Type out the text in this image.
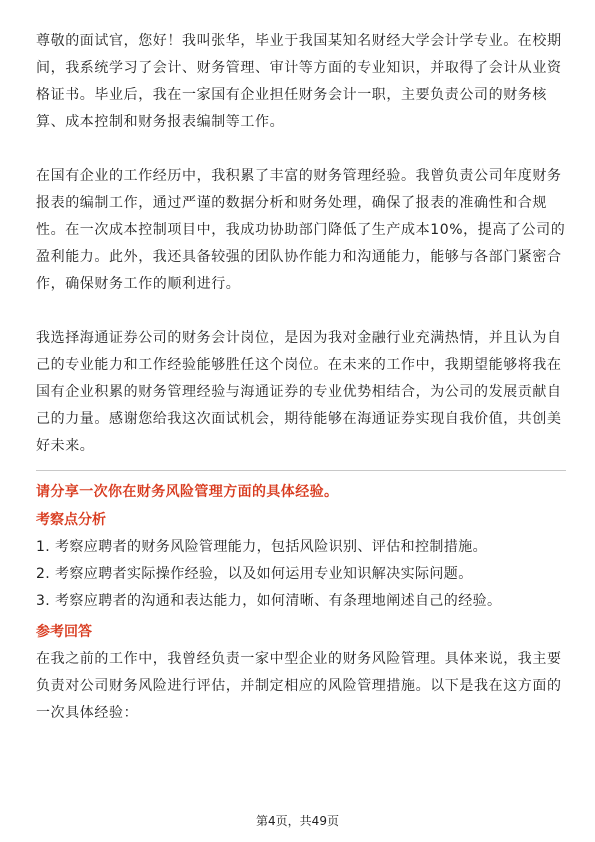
尊敬的面试官，您好！我叫张华，毕业于我国某知名财经大学会计学专业。在校期间，我系统学习了会计、财务管理、审计等方面的专业知识，并取得了会计从业资格证书。毕业后，我在一家国有企业担任财务会计一职，主要负责公司的财务核算、成本控制和财务报表编制等工作。

在国有企业的工作经历中，我积累了丰富的财务管理经验。我曾负责公司年度财务报表的编制工作，通过严谨的数据分析和财务处理，确保了报表的准确性和合规性。在一次成本控制项目中，我成功协助部门降低了生产成本10%，提高了公司的盈利能力。此外，我还具备较强的团队协作能力和沟通能力，能够与各部门紧密合作，确保财务工作的顺利进行。

我选择海通证券公司的财务会计岗位，是因为我对金融行业充满热情，并且认为自己的专业能力和工作经验能够胜任这个岗位。在未来的工作中，我期望能够将我在国有企业积累的财务管理经验与海通证券的专业优势相结合，为公司的发展贡献自己的力量。感谢您给我这次面试机会，期待能够在海通证券实现自我价值，共创美好未来。

请分享一次你在财务风险管理方面的具体经验。

考察点分析

1. 考察应聘者的财务风险管理能力，包括风险识别、评估和控制措施。

2. 考察应聘者实际操作经验，以及如何运用专业知识解决实际问题。

3. 考察应聘者的沟通和表达能力，如何清晰、有条理地阐述自己的经验。

参考回答

在我之前的工作中，我曾经负责一家中型企业的财务风险管理。具体来说，我主要负责对公司财务风险进行评估，并制定相应的风险管理措施。以下是我在这方面的一次具体经验：

第4页，共49页
